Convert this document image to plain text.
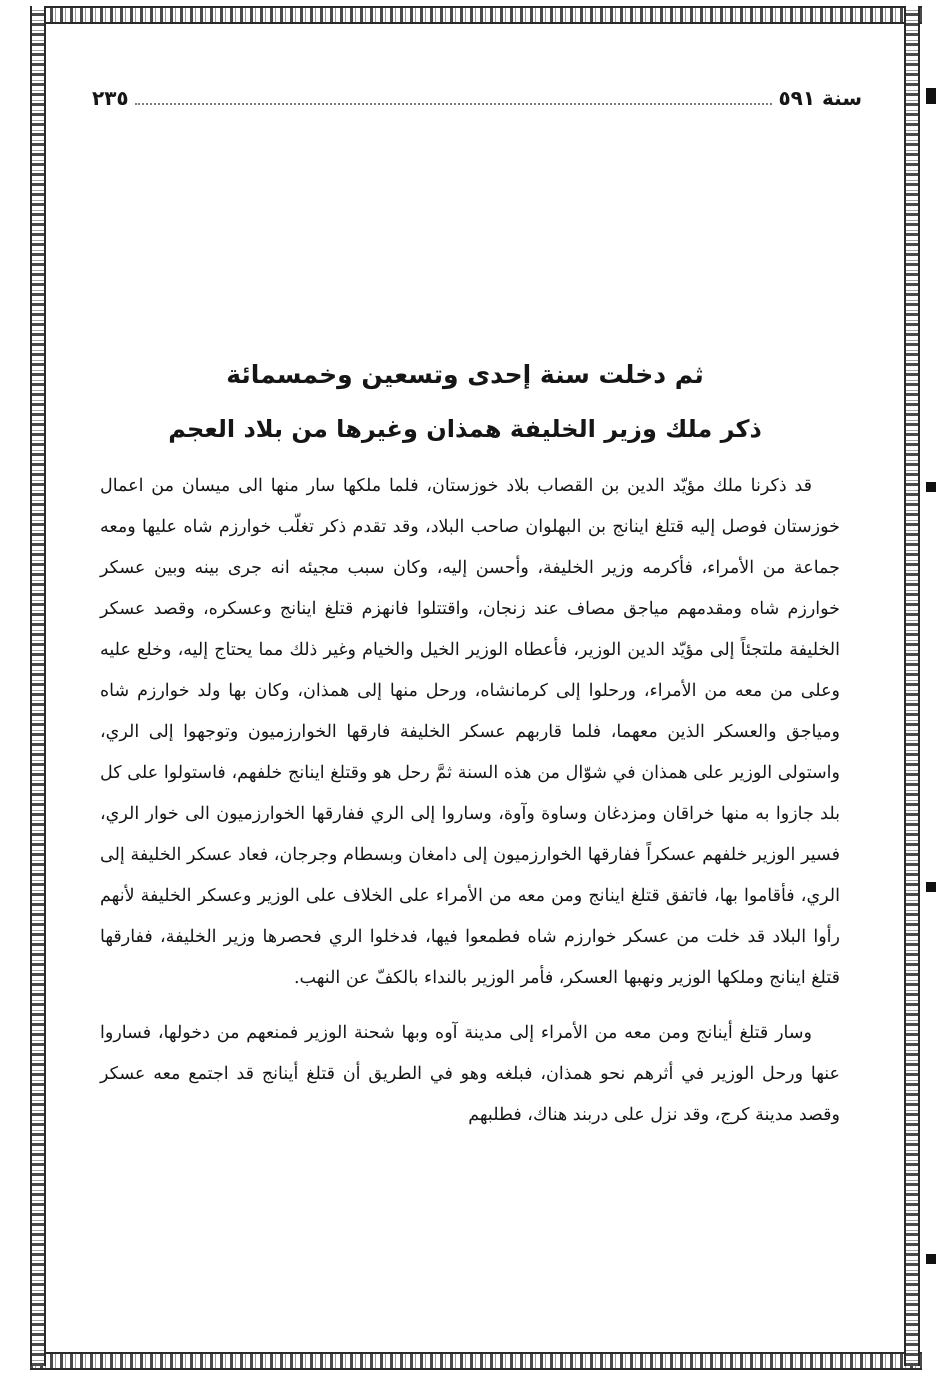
سنة ٥٩١
٢٣٥

ثم دخلت سنة إحدى وتسعين وخمسمائة

ذكر ملك وزير الخليفة همذان وغيرها من بلاد العجم

قد ذكرنا ملك مؤيّد الدين بن القصاب بلاد خوزستان، فلما ملكها سار منها الى ميسان من اعمال خوزستان فوصل إليه قتلغ اينانج بن البهلوان صاحب البلاد، وقد تقدم ذكر تغلّب خوارزم شاه عليها ومعه جماعة من الأمراء، فأكرمه وزير الخليفة، وأحسن إليه، وكان سبب مجيئه انه جرى بينه وبين عسكر خوارزم شاه ومقدمهم مياجق مصاف عند زنجان، واقتتلوا فانهزم قتلغ اينانج وعسكره، وقصد عسكر الخليفة ملتجئاً إلى مؤيّد الدين الوزير، فأعطاه الوزير الخيل والخيام وغير ذلك مما يحتاج إليه، وخلع عليه وعلى من معه من الأمراء، ورحلوا إلى كرمانشاه، ورحل منها إلى همذان، وكان بها ولد خوارزم شاه ومياجق والعسكر الذين معهما، فلما قاربهم عسكر الخليفة فارقها الخوارزميون وتوجهوا إلى الري، واستولى الوزير على همذان في شوّال من هذه السنة ثمَّ رحل هو وقتلغ اينانج خلفهم، فاستولوا على كل بلد جازوا به منها خراقان ومزدغان وساوة وآوة، وساروا إلى الري ففارقها الخوارزميون الى خوار الري، فسير الوزير خلفهم عسكراً ففارقها الخوارزميون إلى دامغان وبسطام وجرجان، فعاد عسكر الخليفة إلى الري، فأقاموا بها، فاتفق قتلغ اينانج ومن معه من الأمراء على الخلاف على الوزير وعسكر الخليفة لأنهم رأوا البلاد قد خلت من عسكر خوارزم شاه فطمعوا فيها، فدخلوا الري فحصرها وزير الخليفة، ففارقها قتلغ اينانج وملكها الوزير ونهبها العسكر، فأمر الوزير بالنداء بالكفّ عن النهب.

وسار قتلغ أينانج ومن معه من الأمراء إلى مدينة آوه وبها شحنة الوزير فمنعهم من دخولها، فساروا عنها ورحل الوزير في أثرهم نحو همذان، فبلغه وهو في الطريق أن قتلغ أينانج قد اجتمع معه عسكر وقصد مدينة كرج، وقد نزل على دربند هناك، فطلبهم
